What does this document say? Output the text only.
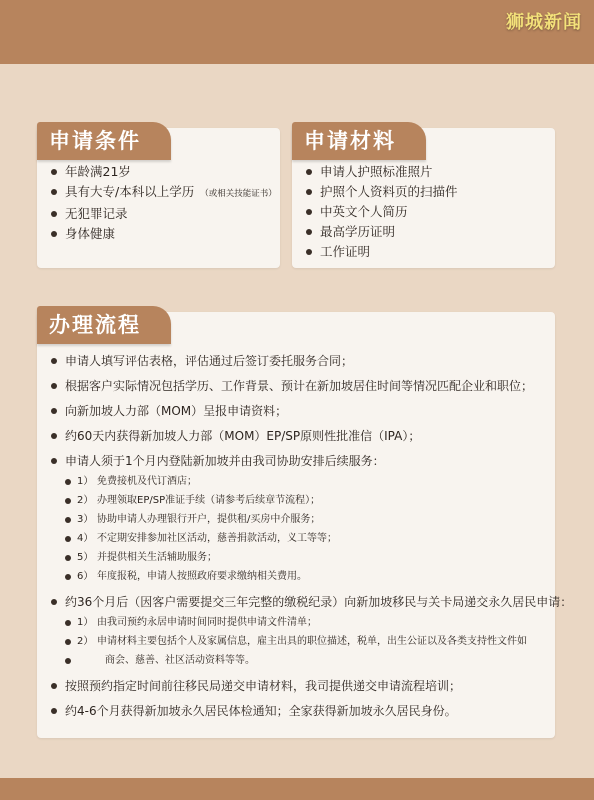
狮城新闻
申请条件
年龄满21岁
具有大专/本科以上学历 （或相关技能证书）
无犯罪记录
身体健康
申请材料
申请人护照标准照片
护照个人资料页的扫描件
中英文个人简历
最高学历证明
工作证明
办理流程
申请人填写评估表格，评估通过后签订委托服务合同；
根据客户实际情况包括学历、工作背景、预计在新加坡居住时间等情况匹配企业和职位；
向新加坡人力部（MOM）呈报申请资料；
约60天内获得新加坡人力部（MOM）EP/SP原则性批准信（IPA）；
申请人须于1个月内登陆新加坡并由我司协助安排后续服务：
1） 免费接机及代订酒店；
2） 办理领取EP/SP准证手续（请参考后续章节流程）；
3） 协助申请人办理银行开户，提供租/买房中介服务；
4） 不定期安排参加社区活动，慈善捐款活动，义工等等；
5） 并提供相关生活辅助服务；
6） 年度报税，申请人按照政府要求缴纳相关费用。
约36个月后（因客户需要提交三年完整的缴税纪录）向新加坡移民与关卡局递交永久居民申请：
1） 由我司预约永居申请时间同时提供申请文件清单；
2） 申请材料主要包括个人及家属信息，雇主出具的职位描述，税单，出生公证以及各类支持性文件如
商会、慈善、社区活动资料等等。
按照预约指定时间前往移民局递交申请材料，我司提供递交申请流程培训；
约4-6个月获得新加坡永久居民体检通知；全家获得新加坡永久居民身份。
